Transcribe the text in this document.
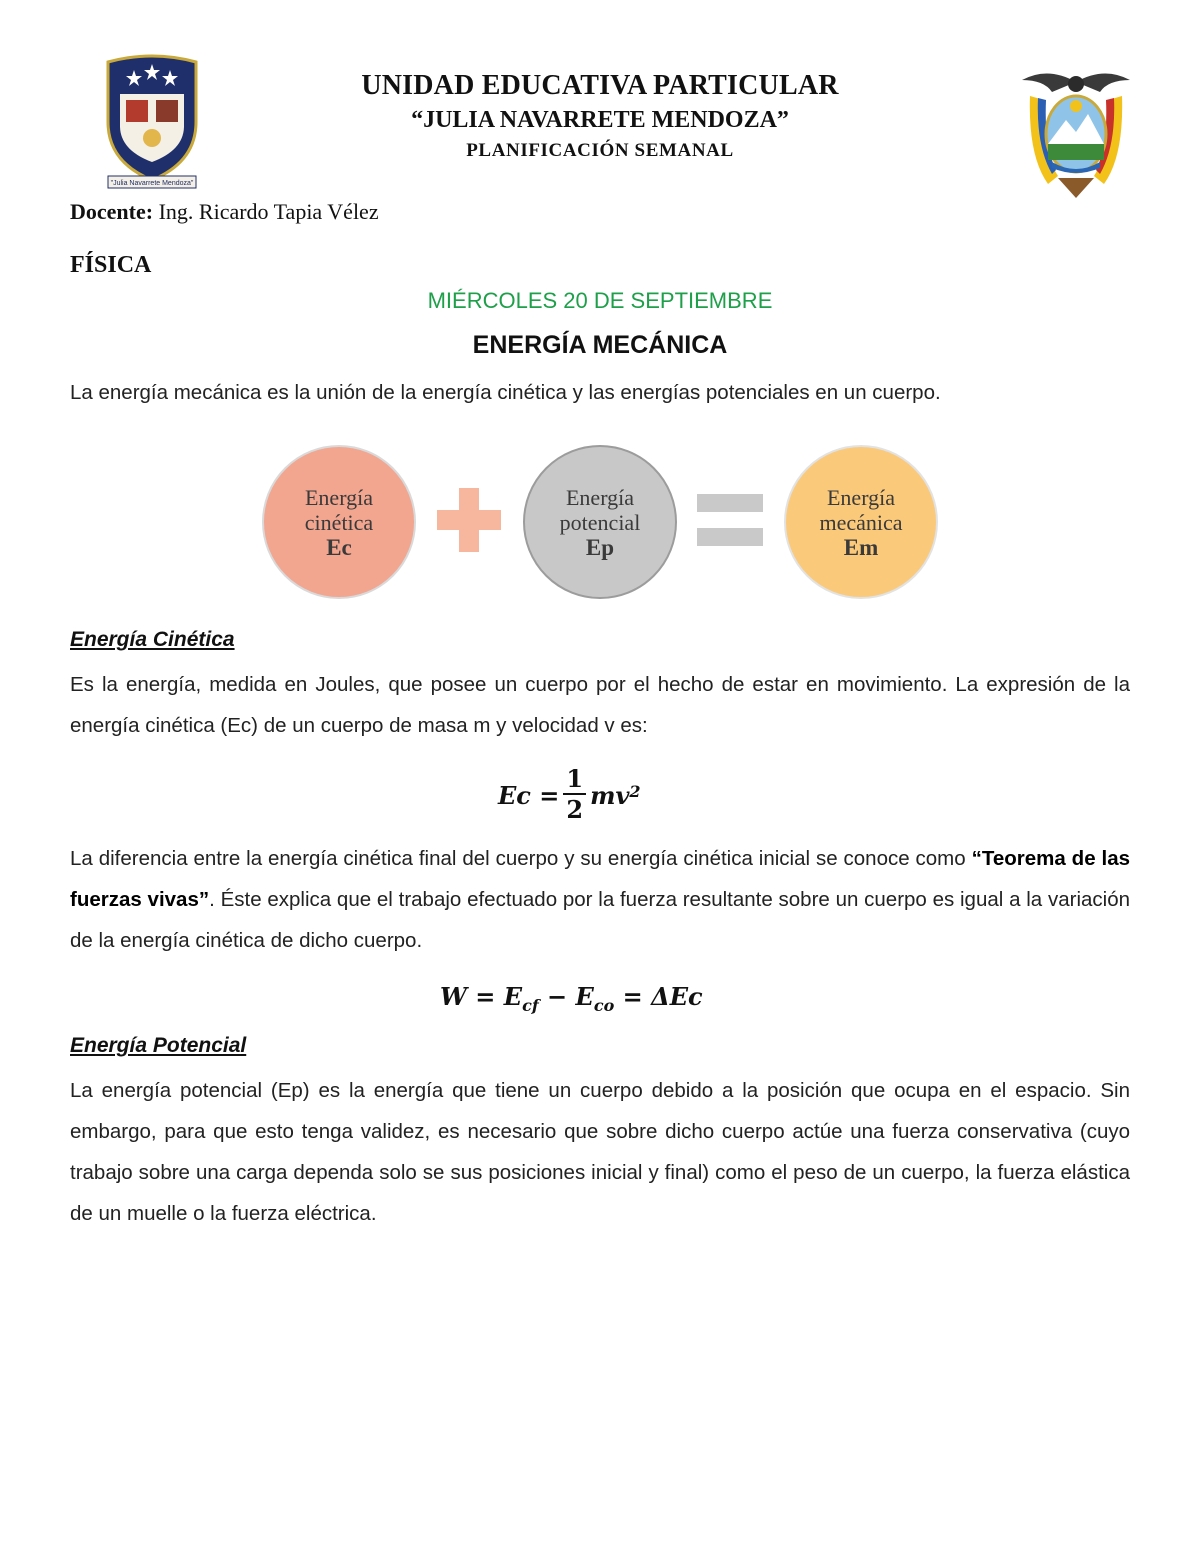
"Julia Navarrete Mendoza"
UNIDAD EDUCATIVA PARTICULAR
“JULIA NAVARRETE MENDOZA”
PLANIFICACIÓN SEMANAL
Docente: Ing. Ricardo Tapia Vélez
FÍSICA
MIÉRCOLES 20 DE SEPTIEMBRE
ENERGÍA MECÁNICA
La energía mecánica es la unión de la energía cinética y las energías potenciales en un cuerpo.
Energía
cinética
Ec
Energía
potencial
Ep
Energía
mecánica
Em
Energía Cinética
Es la energía, medida en Joules, que posee un cuerpo por el hecho de estar en movimiento. La expresión de la energía cinética (Ec) de un cuerpo de masa m y velocidad v es:
$Ec = \frac{1}{2} mv^2$
La diferencia entre la energía cinética final del cuerpo y su energía cinética inicial se conoce como “Teorema de las fuerzas vivas”. Éste explica que el trabajo efectuado por la fuerza resultante sobre un cuerpo es igual a la variación de la energía cinética de dicho cuerpo.
$W = E_{cf} - E_{co} = \Delta Ec$
Energía Potencial
La energía potencial (Ep) es la energía que tiene un cuerpo debido a la posición que ocupa en el espacio. Sin embargo, para que esto tenga validez, es necesario que sobre dicho cuerpo actúe una fuerza conservativa (cuyo trabajo sobre una carga dependa solo se sus posiciones inicial y final) como el peso de un cuerpo, la fuerza elástica de un muelle o la fuerza eléctrica.
